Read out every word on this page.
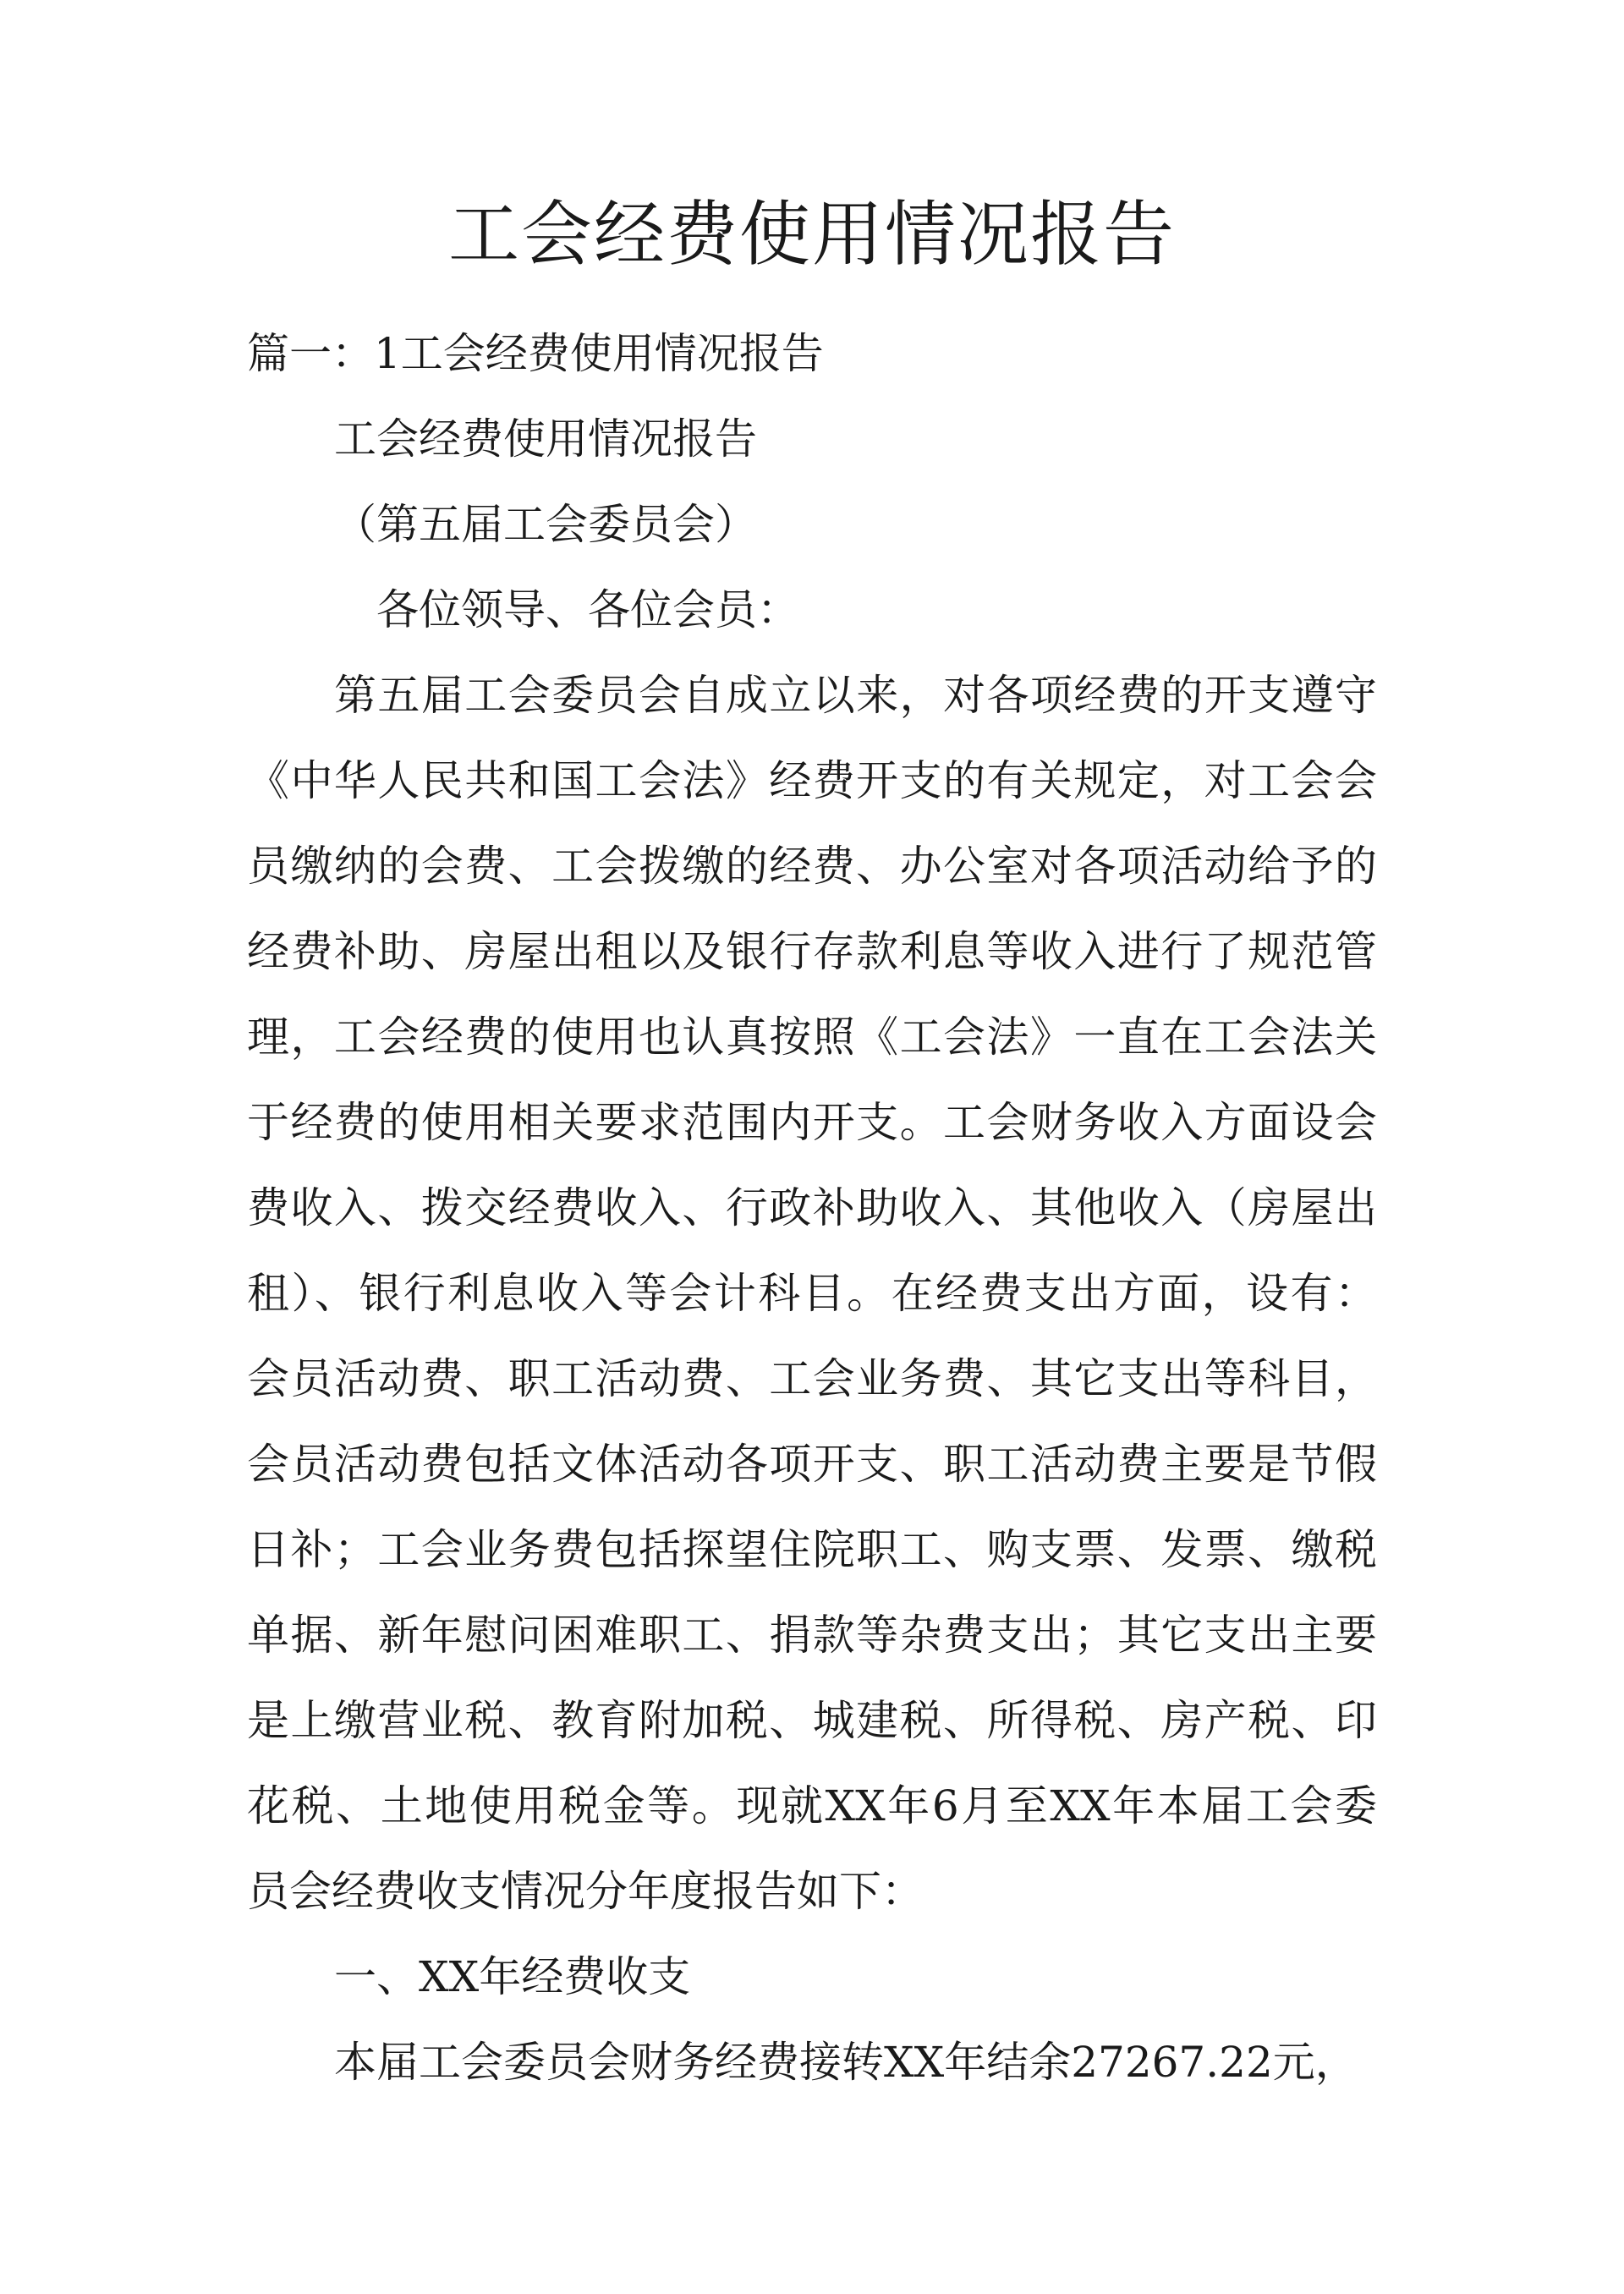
工会经费使用情况报告
篇一：1工会经费使用情况报告
工会经费使用情况报告
（第五届工会委员会）
各位领导、各位会员：
第五届工会委员会自成立以来，对各项经费的开支遵守
《中华人民共和国工会法》经费开支的有关规定，对工会会
员缴纳的会费、工会拨缴的经费、办公室对各项活动给予的
经费补助、房屋出租以及银行存款利息等收入进行了规范管
理，工会经费的使用也认真按照《工会法》一直在工会法关
于经费的使用相关要求范围内开支。工会财务收入方面设会
费收入、拨交经费收入、行政补助收入、其他收入（房屋出
租）、银行利息收入等会计科目。在经费支出方面，设有：
会员活动费、职工活动费、工会业务费、其它支出等科目，
会员活动费包括文体活动各项开支、职工活动费主要是节假
日补；工会业务费包括探望住院职工、购支票、发票、缴税
单据、新年慰问困难职工、捐款等杂费支出；其它支出主要
是上缴营业税、教育附加税、城建税、所得税、房产税、印
花税、土地使用税金等。现就XX年6月至XX年本届工会委
员会经费收支情况分年度报告如下：
一、XX年经费收支
本届工会委员会财务经费接转XX年结余27267.22元，
